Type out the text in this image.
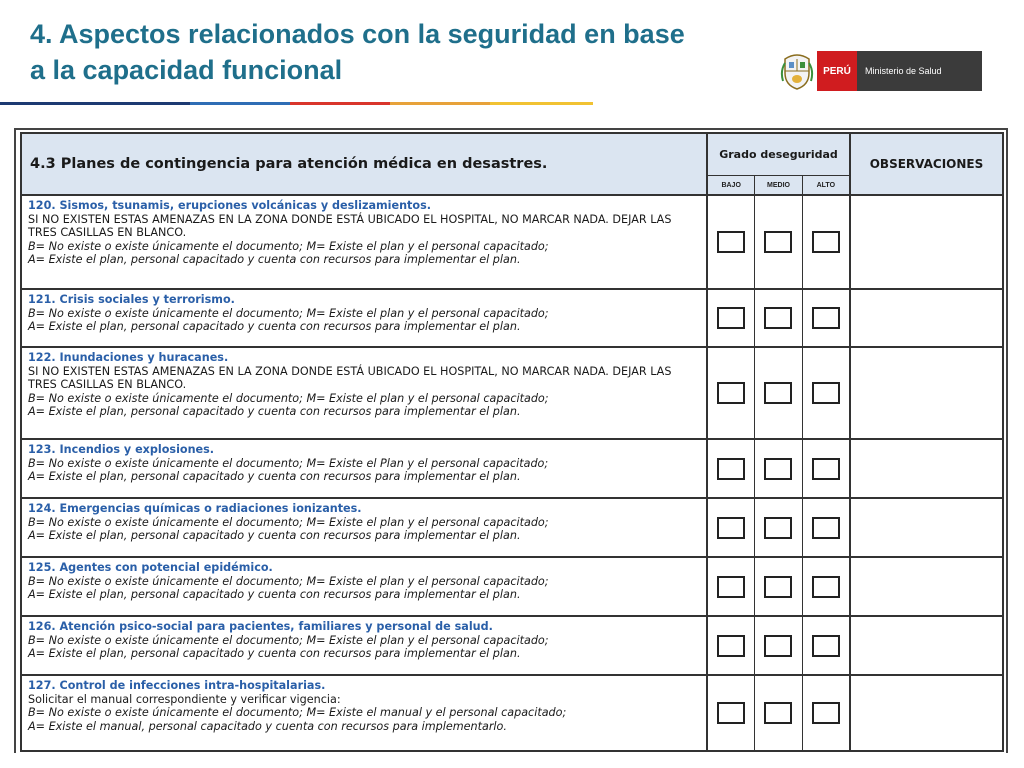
4. Aspectos relacionados con la seguridad en base
a la capacidad funcional	PERÚ	Ministerio de Salud
4.3 Planes de contingencia para atención médica en desastres.
Grado de seguridad
BAJO	MEDIO	ALTO
OBSERVACIONES
120. Sismos, tsunamis, erupciones volcánicas y deslizamientos.
SI NO EXISTEN ESTAS AMENAZAS EN LA ZONA DONDE ESTÁ UBICADO EL HOSPITAL, NO MARCAR NADA. DEJAR LAS TRES CASILLAS EN BLANCO.
B= No existe o existe únicamente el documento; M= Existe el plan y el personal capacitado;
A= Existe el plan, personal capacitado y cuenta con recursos para implementar el plan.
121. Crisis sociales y terrorismo.
B= No existe o existe únicamente el documento; M= Existe el plan y el personal capacitado;
A= Existe el plan, personal capacitado y cuenta con recursos para implementar el plan.
122. Inundaciones y huracanes.
SI NO EXISTEN ESTAS AMENAZAS EN LA ZONA DONDE ESTÁ UBICADO EL HOSPITAL, NO MARCAR NADA. DEJAR LAS TRES CASILLAS EN BLANCO.
B= No existe o existe únicamente el documento; M= Existe el plan y el personal capacitado;
A= Existe el plan, personal capacitado y cuenta con recursos para implementar el plan.
123. Incendios y explosiones.
B= No existe o existe únicamente el documento; M= Existe el Plan y el personal capacitado;
A= Existe el plan, personal capacitado y cuenta con recursos para implementar el plan.
124. Emergencias químicas o radiaciones ionizantes.
B= No existe o existe únicamente el documento; M= Existe el plan y el personal capacitado;
A= Existe el plan, personal capacitado y cuenta con recursos para implementar el plan.
125. Agentes con potencial epidémico.
B= No existe o existe únicamente el documento; M= Existe el plan y el personal capacitado;
A= Existe el plan, personal capacitado y cuenta con recursos para implementar el plan.
126. Atención psico-social para pacientes, familiares y personal de salud.
B= No existe o existe únicamente el documento; M= Existe el plan y el personal capacitado;
A= Existe el plan, personal capacitado y cuenta con recursos para implementar el plan.
127. Control de infecciones intra-hospitalarias.
Solicitar el manual correspondiente y verificar vigencia:
B= No existe o existe únicamente el documento; M= Existe el manual y el personal capacitado;
A= Existe el manual, personal capacitado y cuenta con recursos para implementarlo.
